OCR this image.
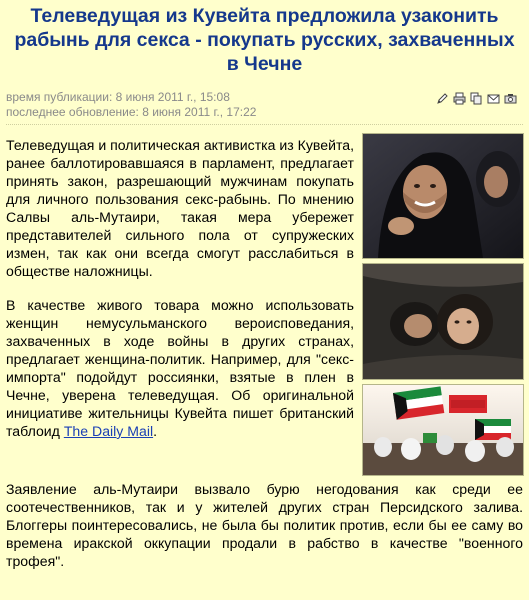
Телеведущая из Кувейта предложила узаконить рабынь для секса - покупать русских, захваченных в Чечне
время публикации: 8 июня 2011 г., 15:08
последнее обновление: 8 июня 2011 г., 17:22

Телеведущая и политическая активистка из Кувейта, ранее баллотировавшаяся в парламент, предлагает принять закон, разрешающий мужчинам покупать для личного пользования секс-рабынь. По мнению Салвы аль-Мутаири, такая мера убережет представителей сильного пола от супружеских измен, так как они всегда смогут расслабиться в обществе наложницы.

В качестве живого товара можно использовать женщин немусульманского вероисповедания, захваченных в ходе войны в других странах, предлагает женщина-политик. Например, для "секс-импорта" подойдут россиянки, взятые в плен в Чечне, уверена телеведущая. Об оригинальной инициативе жительницы Кувейта пишет британский таблоид The Daily Mail.

Заявление аль-Мутаири вызвало бурю негодования как среди ее соотечественников, так и у жителей других стран Персидского залива. Блоггеры поинтересовались, не была бы политик против, если бы ее саму во времена иракской оккупации продали в рабство в качестве "военного трофея".
